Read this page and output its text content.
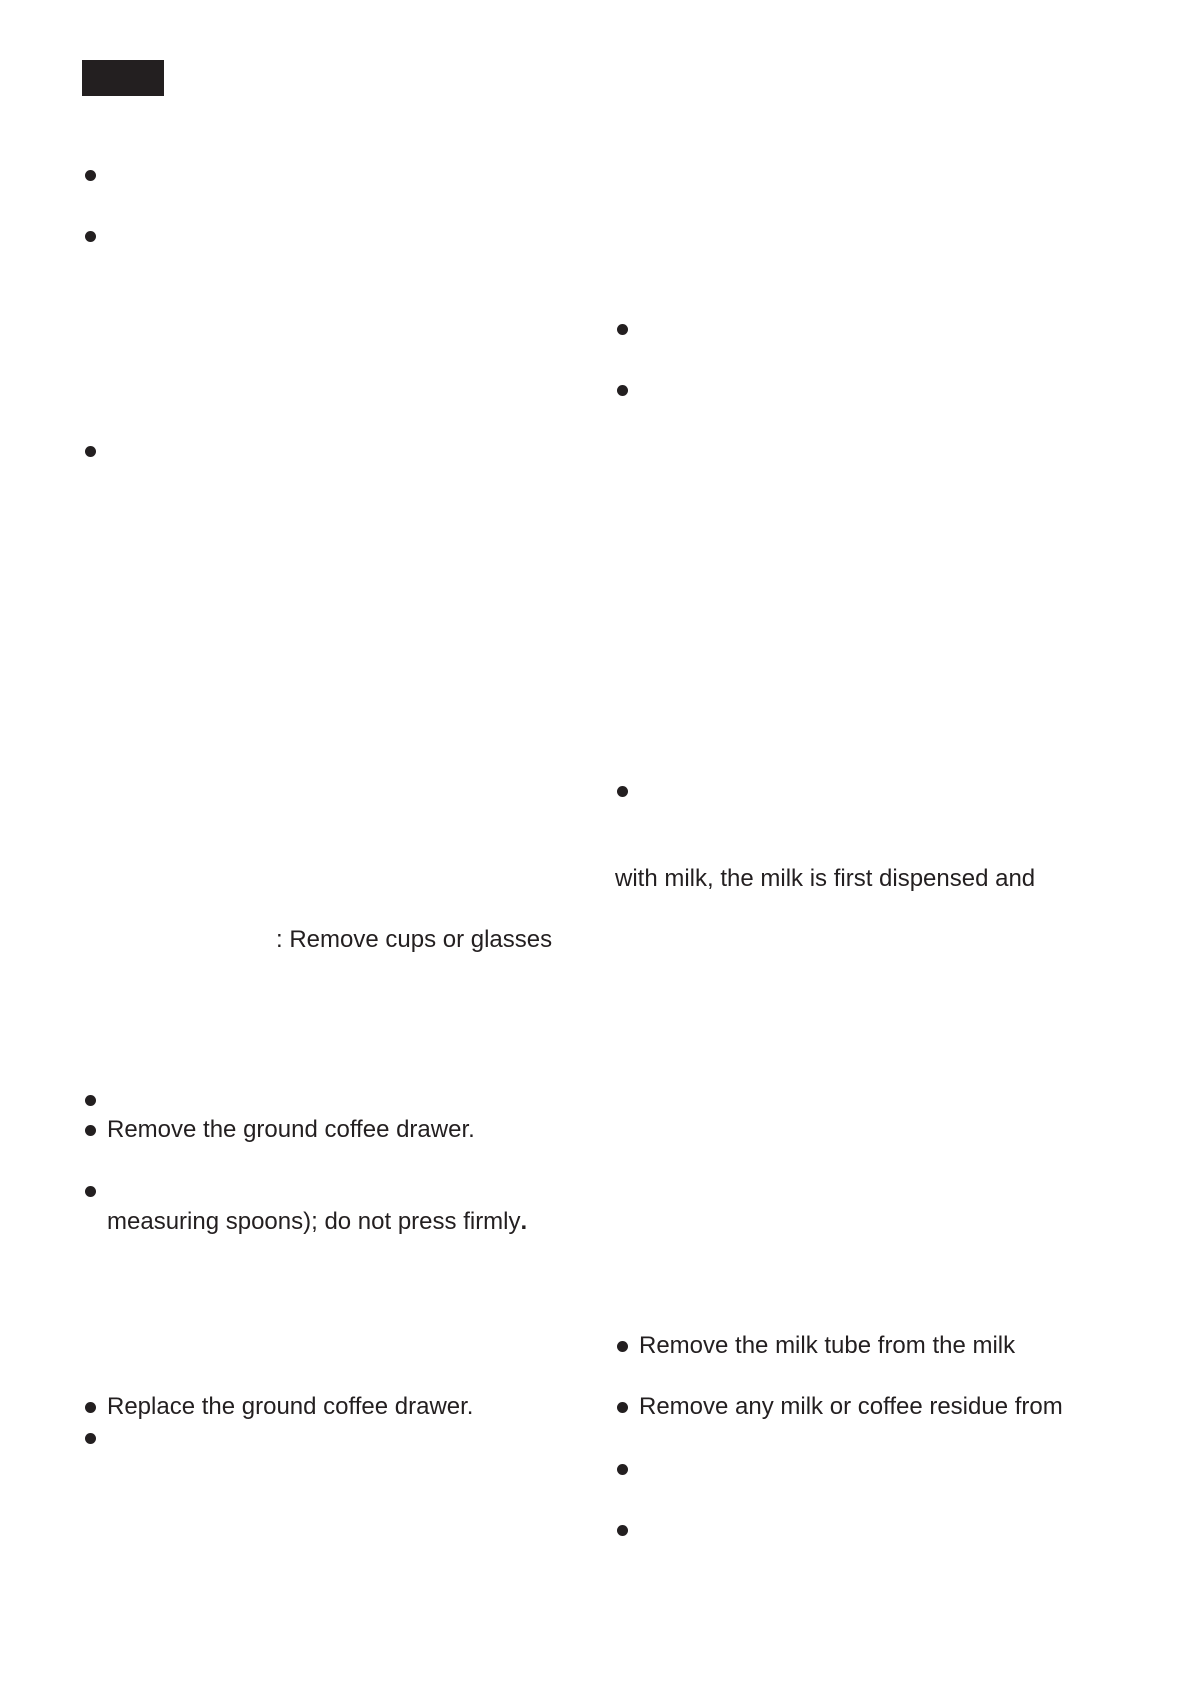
: Remove cups or glasses
Remove the ground coffee drawer.
measuring spoons); do not press firmly.
Replace the ground coffee drawer.
with milk, the milk is first dispensed and
Remove the milk tube from the milk
Remove any milk or coffee residue from
